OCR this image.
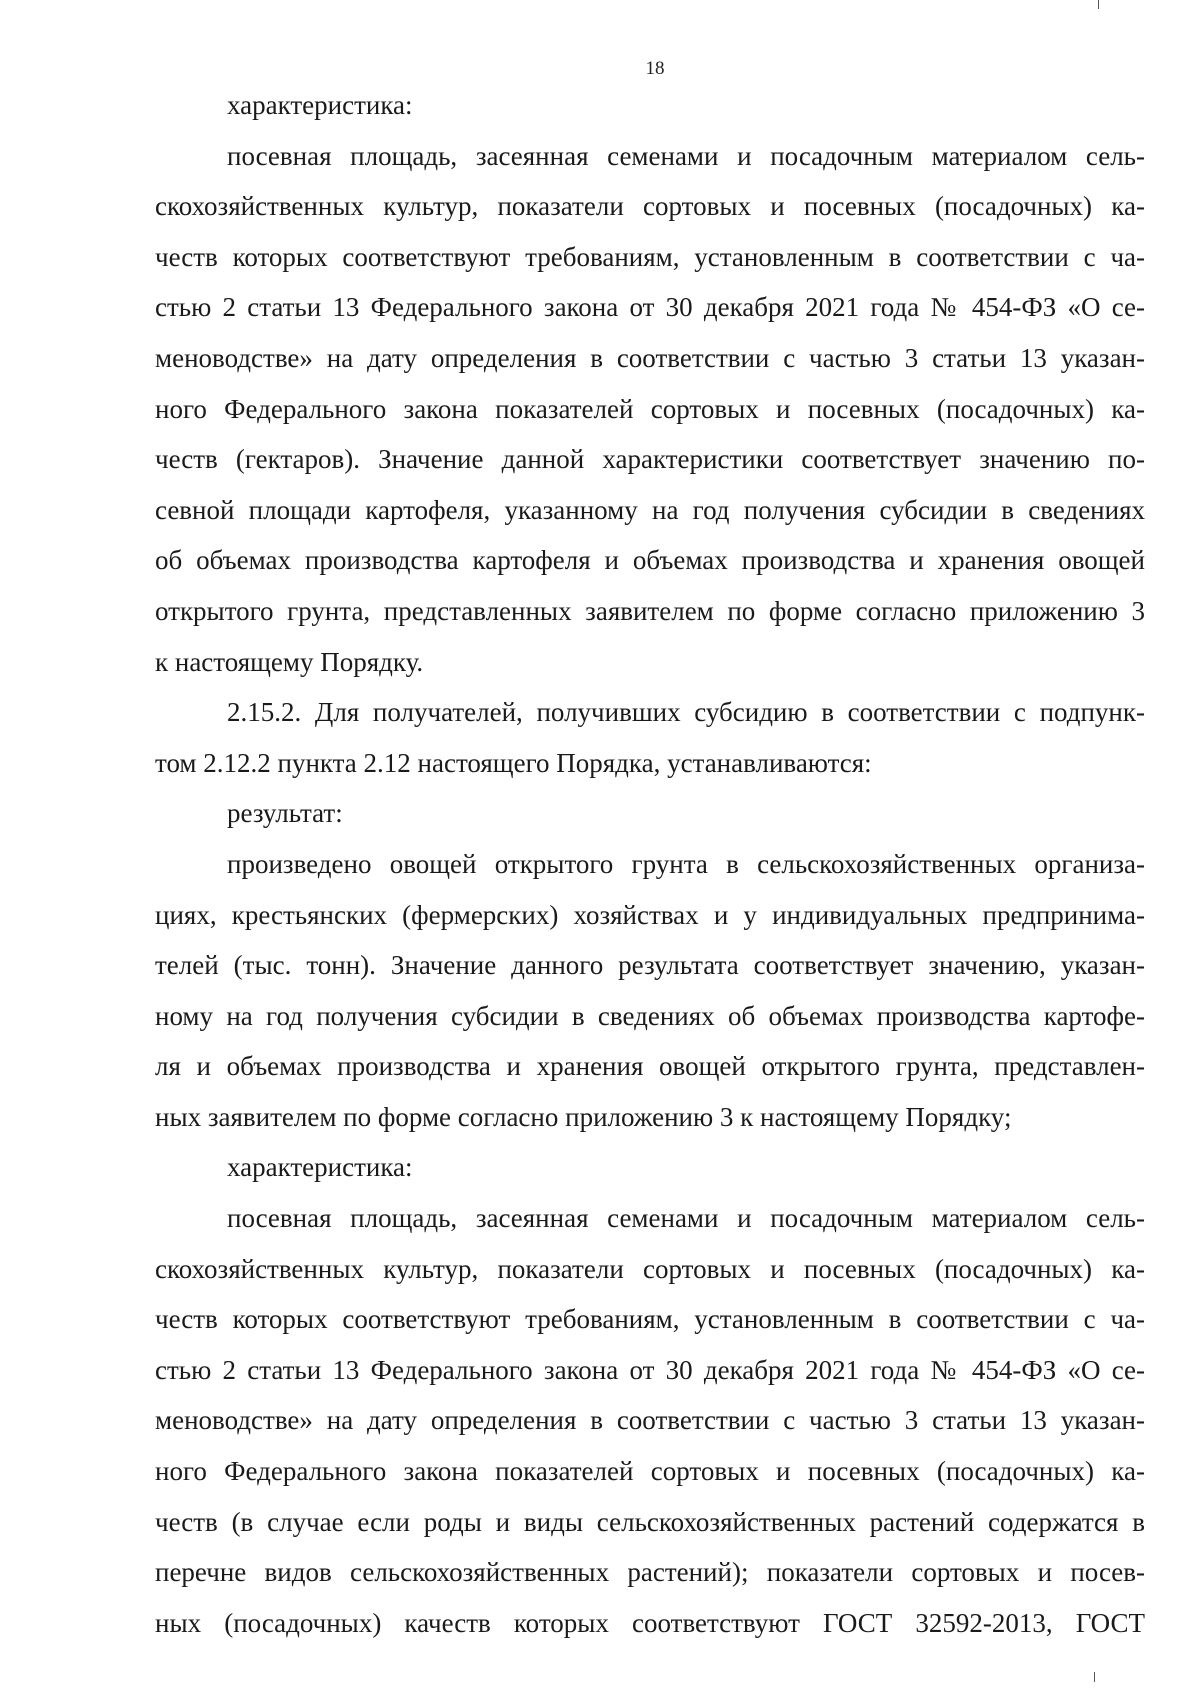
18
характеристика:
посевная площадь, засеянная семенами и посадочным материалом сель-
скохозяйственных культур, показатели сортовых и посевных (посадочных) ка-
честв которых соответствуют требованиям, установленным в соответствии с ча-
стью 2 статьи 13 Федерального закона от 30 декабря 2021 года № 454-ФЗ «О се-
меноводстве» на дату определения в соответствии с частью 3 статьи 13 указан-
ного Федерального закона показателей сортовых и посевных (посадочных) ка-
честв (гектаров). Значение данной характеристики соответствует значению по-
севной площади картофеля, указанному на год получения субсидии в сведениях
об объемах производства картофеля и объемах производства и хранения овощей
открытого грунта, представленных заявителем по форме согласно приложению 3
к настоящему Порядку.
2.15.2. Для получателей, получивших субсидию в соответствии с подпунк-
том 2.12.2 пункта 2.12 настоящего Порядка, устанавливаются:
результат:
произведено овощей открытого грунта в сельскохозяйственных организа-
циях, крестьянских (фермерских) хозяйствах и у индивидуальных предпринима-
телей (тыс. тонн). Значение данного результата соответствует значению, указан-
ному на год получения субсидии в сведениях об объемах производства картофе-
ля и объемах производства и хранения овощей открытого грунта, представлен-
ных заявителем по форме согласно приложению 3 к настоящему Порядку;
характеристика:
посевная площадь, засеянная семенами и посадочным материалом сель-
скохозяйственных культур, показатели сортовых и посевных (посадочных) ка-
честв которых соответствуют требованиям, установленным в соответствии с ча-
стью 2 статьи 13 Федерального закона от 30 декабря 2021 года № 454-ФЗ «О се-
меноводстве» на дату определения в соответствии с частью 3 статьи 13 указан-
ного Федерального закона показателей сортовых и посевных (посадочных) ка-
честв (в случае если роды и виды сельскохозяйственных растений содержатся в
перечне видов сельскохозяйственных растений); показатели сортовых и посев-
ных (посадочных) качеств которых соответствуют ГОСТ 32592-2013, ГОСТ
